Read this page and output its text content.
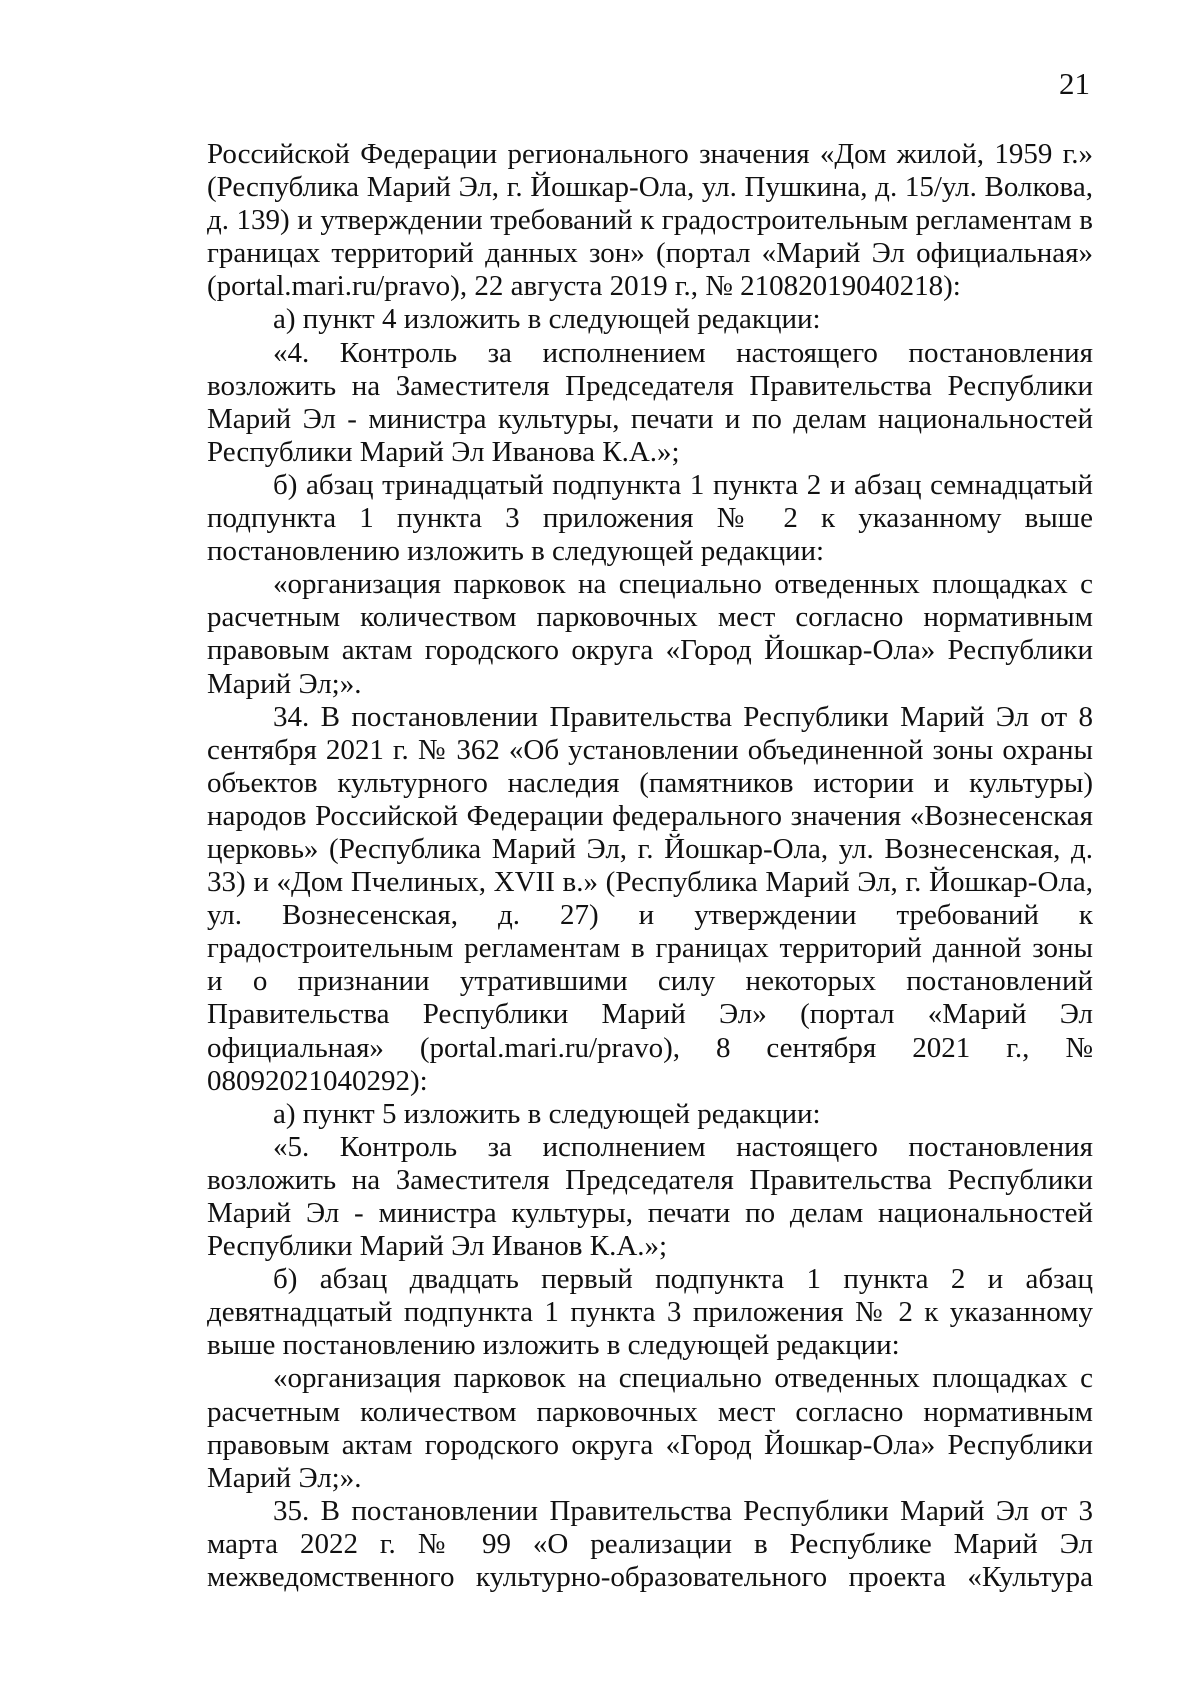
21

Российской Федерации регионального значения «Дом жилой, 1959 г.» (Республика Марий Эл, г. Йошкар-Ола, ул. Пушкина, д. 15/ул. Волкова, д. 139) и утверждении требований к градостроительным регламентам в границах территорий данных зон» (портал «Марий Эл официальная» (portal.mari.ru/pravo), 22 августа 2019 г., № 21082019040218):

а) пункт 4 изложить в следующей редакции:

«4. Контроль за исполнением настоящего постановления возложить на Заместителя Председателя Правительства Республики Марий Эл - министра культуры, печати и по делам национальностей Республики Марий Эл Иванова К.А.»;

б) абзац тринадцатый подпункта 1 пункта 2 и абзац семнадцатый подпункта 1 пункта 3 приложения № 2 к указанному выше постановлению изложить в следующей редакции:

«организация парковок на специально отведенных площадках с расчетным количеством парковочных мест согласно нормативным правовым актам городского округа «Город Йошкар-Ола» Республики Марий Эл;».

34. В постановлении Правительства Республики Марий Эл от 8 сентября 2021 г. № 362 «Об установлении объединенной зоны охраны объектов культурного наследия (памятников истории и культуры) народов Российской Федерации федерального значения «Вознесенская церковь» (Республика Марий Эл, г. Йошкар-Ола, ул. Вознесенская, д. 33) и «Дом Пчелиных, XVII в.» (Республика Марий Эл, г. Йошкар-Ола, ул. Вознесенская, д. 27) и утверждении требований к градостроительным регламентам в границах территорий данной зоны и о признании утратившими силу некоторых постановлений Правительства Республики Марий Эл» (портал «Марий Эл официальная» (portal.mari.ru/pravo), 8 сентября 2021 г., № 08092021040292):

а) пункт 5 изложить в следующей редакции:

«5. Контроль за исполнением настоящего постановления возложить на Заместителя Председателя Правительства Республики Марий Эл - министра культуры, печати по делам национальностей Республики Марий Эл Иванов К.А.»;

б) абзац двадцать первый подпункта 1 пункта 2 и абзац девятнадцатый подпункта 1 пункта 3 приложения № 2 к указанному выше постановлению изложить в следующей редакции:

«организация парковок на специально отведенных площадках с расчетным количеством парковочных мест согласно нормативным правовым актам городского округа «Город Йошкар-Ола» Республики Марий Эл;».

35. В постановлении Правительства Республики Марий Эл от 3 марта 2022 г. № 99 «О реализации в Республике Марий Эл межведомственного культурно-образовательного проекта «Культура
